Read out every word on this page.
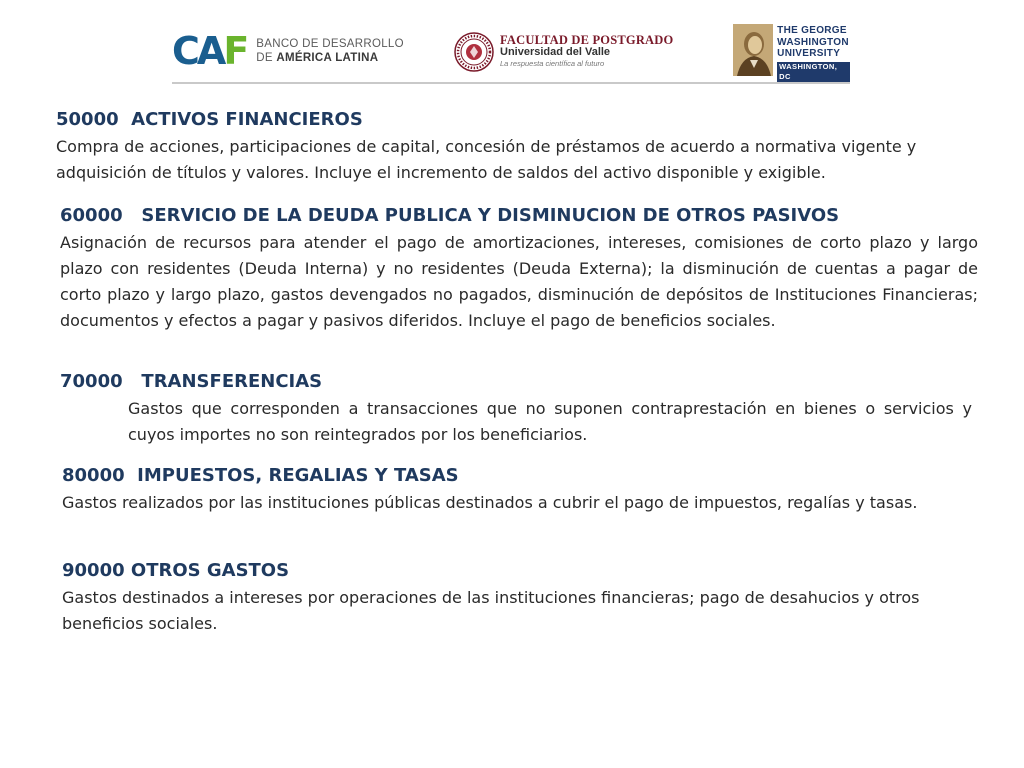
CAF BANCO DE DESARROLLO
DE AMÉRICA LATINA
FACULTAD DE POSTGRADO
Universidad del Valle
La respuesta científica al futuro
THE GEORGE
WASHINGTON
UNIVERSITY
WASHINGTON, DC
50000  ACTIVOS FINANCIEROS

Compra de acciones, participaciones de capital, concesión de préstamos de acuerdo a normativa vigente y adquisición de títulos y valores. Incluye el incremento de saldos del activo disponible y exigible.

60000   SERVICIO DE LA DEUDA PUBLICA Y DISMINUCION DE OTROS PASIVOS

Asignación de recursos para atender el pago de amortizaciones, intereses, comisiones de corto plazo y largo plazo con residentes (Deuda Interna) y no residentes (Deuda Externa); la disminución de cuentas a pagar de corto plazo y largo plazo, gastos devengados no pagados, disminución de depósitos de Instituciones Financieras; documentos y efectos a pagar y pasivos diferidos. Incluye el pago de beneficios sociales.

70000   TRANSFERENCIAS

Gastos que corresponden a transacciones que no suponen contraprestación en bienes o servicios y cuyos importes no son reintegrados por los beneficiarios.

80000  IMPUESTOS, REGALIAS Y TASAS

Gastos realizados por las instituciones públicas destinados a cubrir el pago de impuestos, regalías y tasas.

90000 OTROS GASTOS

Gastos destinados a intereses por operaciones de las instituciones financieras; pago de desahucios y otros beneficios sociales.
